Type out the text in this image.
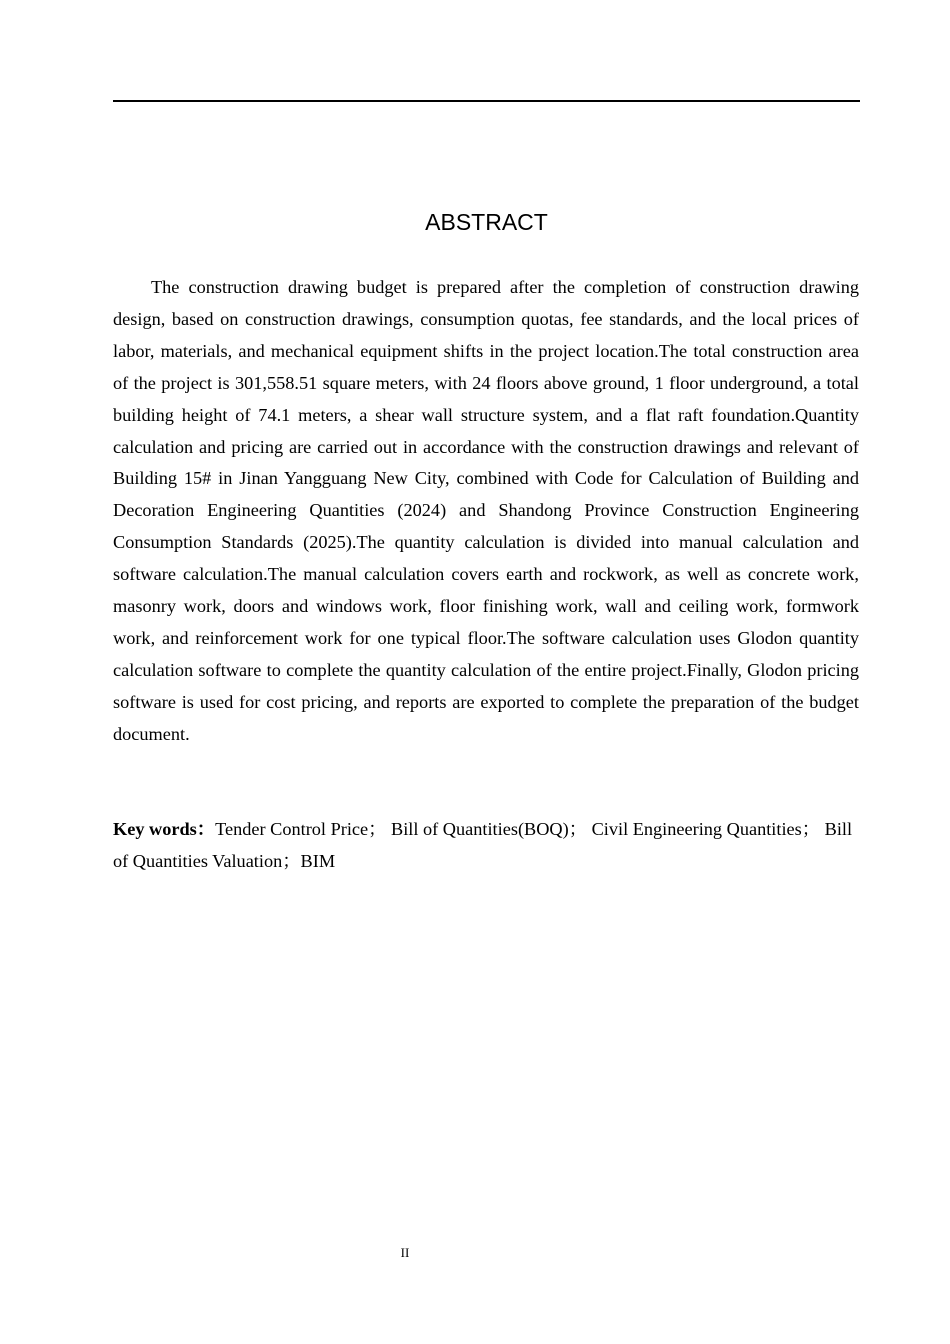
ABSTRACT

The construction drawing budget is prepared after the completion of construction drawing design, based on construction drawings, consumption quotas, fee standards, and the local prices of labor, materials, and mechanical equipment shifts in the project location.The total construction area of the project is 301,558.51 square meters, with 24 floors above ground, 1 floor underground, a total building height of 74.1 meters, a shear wall structure system, and a flat raft foundation.Quantity calculation and pricing are carried out in accordance with the construction drawings and relevant of Building 15# in Jinan Yangguang New City, combined with Code for Calculation of Building and Decoration Engineering Quantities (2024) and Shandong Province Construction Engineering Consumption Standards (2025).The quantity calculation is divided into manual calculation and software calculation.The manual calculation covers earth and rockwork, as well as concrete work, masonry work, doors and windows work, floor finishing work, wall and ceiling work, formwork work, and reinforcement work for one typical floor.The software calculation uses Glodon quantity calculation software to complete the quantity calculation of the entire project.Finally, Glodon pricing software is used for cost pricing, and reports are exported to complete the preparation of the budget document.

Key words：Tender Control Price； Bill of Quantities(BOQ)； Civil Engineering Quantities； Bill of Quantities Valuation；BIM

II
